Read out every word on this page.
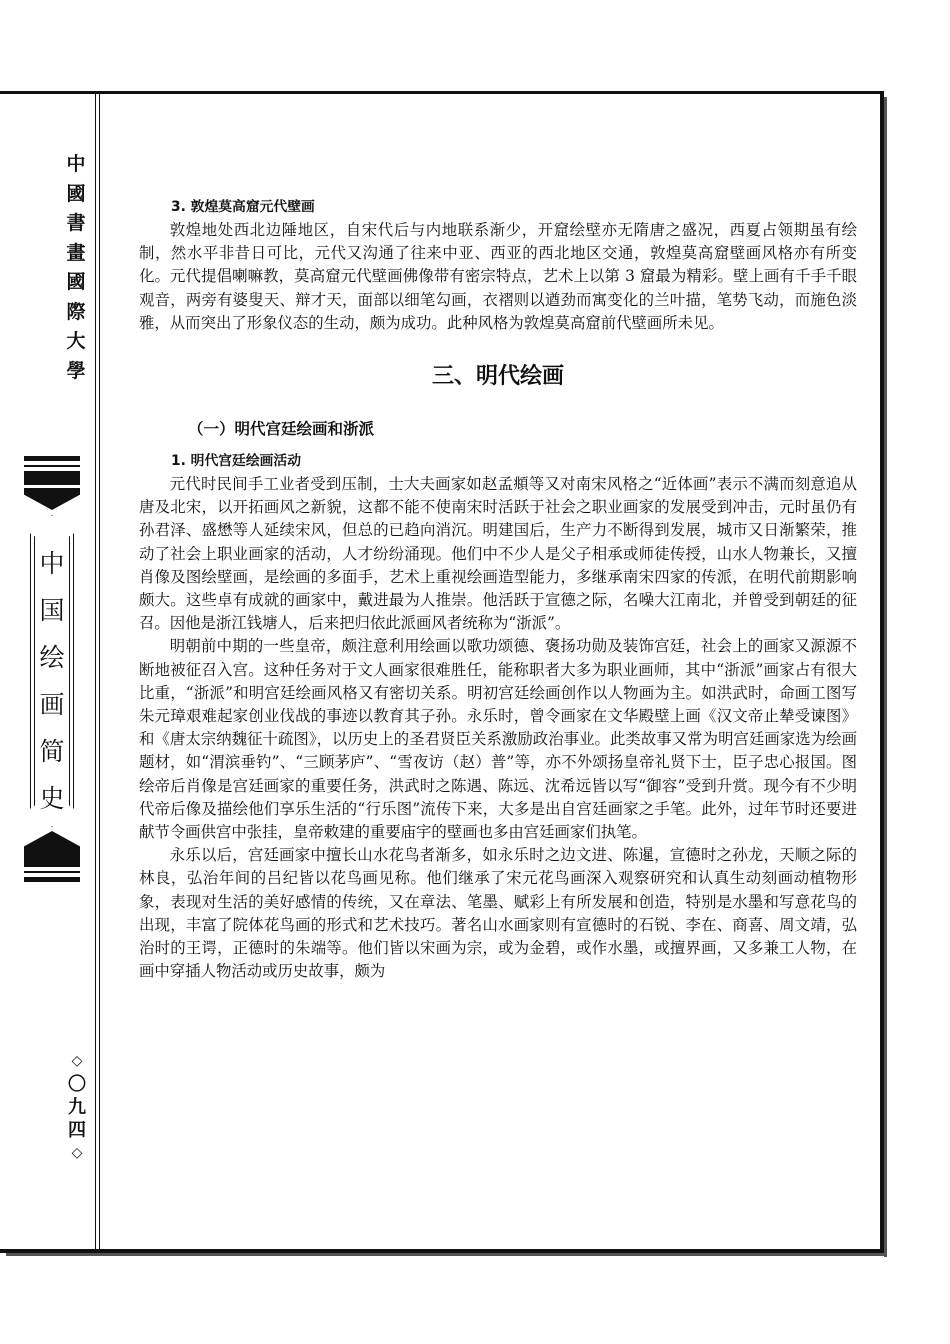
中
國
書
畫
國
際
大
學
中
国
绘
画
简
史
◇
〇
九
四
◇
3. 敦煌莫高窟元代壁画

敦煌地处西北边陲地区，自宋代后与内地联系渐少，开窟绘壁亦无隋唐之盛况，西夏占领期虽有绘制，然水平非昔日可比，元代又沟通了往来中亚、西亚的西北地区交通，敦煌莫高窟壁画风格亦有所变化。元代提倡喇嘛教，莫高窟元代壁画佛像带有密宗特点，艺术上以第 3 窟最为精彩。壁上画有千手千眼观音，两旁有婆叟天、辩才天，面部以细笔勾画，衣褶则以遒劲而寓变化的兰叶描，笔势飞动，而施色淡雅，从而突出了形象仪态的生动，颇为成功。此种风格为敦煌莫高窟前代壁画所未见。

三、明代绘画
（一）明代宫廷绘画和浙派
1. 明代宫廷绘画活动

元代时民间手工业者受到压制，士大夫画家如赵孟頫等又对南宋风格之“近体画”表示不满而刻意追从唐及北宋，以开拓画风之新貌，这都不能不使南宋时活跃于社会之职业画家的发展受到冲击，元时虽仍有孙君泽、盛懋等人延续宋风，但总的已趋向消沉。明建国后，生产力不断得到发展，城市又日渐繁荣，推动了社会上职业画家的活动，人才纷纷涌现。他们中不少人是父子相承或师徒传授，山水人物兼长，又擅肖像及图绘壁画，是绘画的多面手，艺术上重视绘画造型能力，多继承南宋四家的传派，在明代前期影响颇大。这些卓有成就的画家中，戴进最为人推崇。他活跃于宣德之际，名噪大江南北，并曾受到朝廷的征召。因他是浙江钱塘人，后来把归依此派画风者统称为“浙派”。

明朝前中期的一些皇帝，颇注意利用绘画以歌功颂德、褒扬功勋及装饰宫廷，社会上的画家又源源不断地被征召入宫。这种任务对于文人画家很难胜任，能称职者大多为职业画师，其中“浙派”画家占有很大比重，“浙派”和明宫廷绘画风格又有密切关系。明初宫廷绘画创作以人物画为主。如洪武时，命画工图写朱元璋艰难起家创业伐战的事迹以教育其子孙。永乐时，曾令画家在文华殿壁上画《汉文帝止辇受谏图》和《唐太宗纳魏征十疏图》，以历史上的圣君贤臣关系激励政治事业。此类故事又常为明宫廷画家选为绘画题材，如“渭滨垂钓”、“三顾茅庐”、“雪夜访（赵）普”等，亦不外颂扬皇帝礼贤下士，臣子忠心报国。图绘帝后肖像是宫廷画家的重要任务，洪武时之陈遇、陈远、沈希远皆以写“御容”受到升赏。现今有不少明代帝后像及描绘他们享乐生活的“行乐图”流传下来，大多是出自宫廷画家之手笔。此外，过年节时还要进献节令画供宫中张挂，皇帝敕建的重要庙宇的壁画也多由宫廷画家们执笔。

永乐以后，宫廷画家中擅长山水花鸟者渐多，如永乐时之边文进、陈暹，宣德时之孙龙，天顺之际的林良，弘治年间的吕纪皆以花鸟画见称。他们继承了宋元花鸟画深入观察研究和认真生动刻画动植物形象，表现对生活的美好感情的传统，又在章法、笔墨、赋彩上有所发展和创造，特别是水墨和写意花鸟的出现，丰富了院体花鸟画的形式和艺术技巧。著名山水画家则有宣德时的石锐、李在、商喜、周文靖，弘治时的王谔，正德时的朱端等。他们皆以宋画为宗，或为金碧，或作水墨，或擅界画，又多兼工人物，在画中穿插人物活动或历史故事，颇为
